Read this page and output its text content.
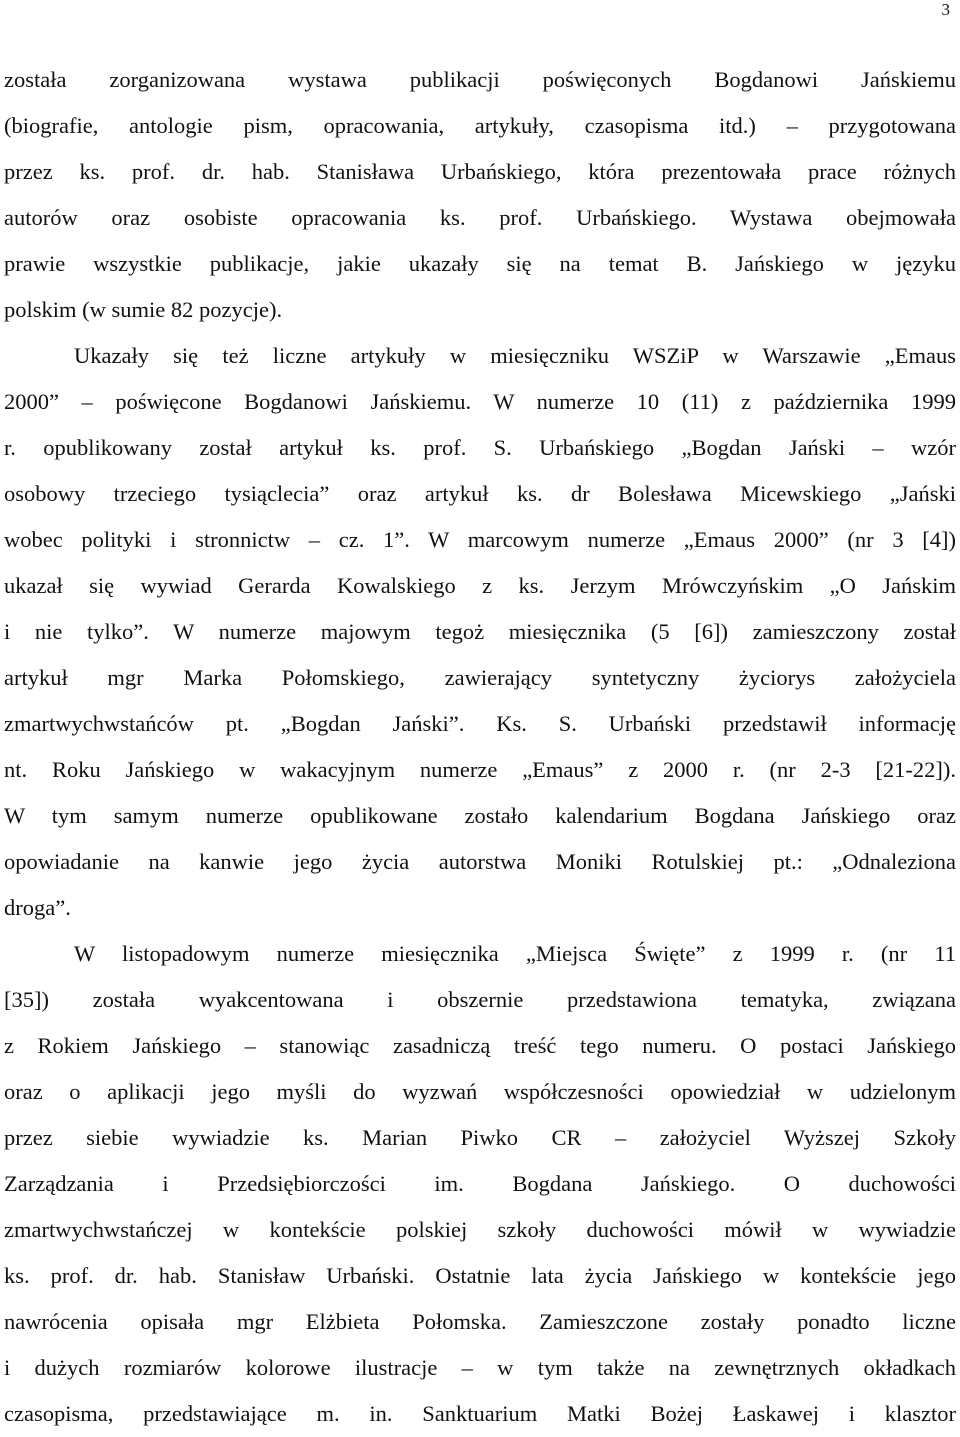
3
została zorganizowana wystawa publikacji poświęconych Bogdanowi Jańskiemu
(biografie, antologie pism, opracowania, artykuły, czasopisma itd.) – przygotowana
przez ks. prof. dr. hab. Stanisława Urbańskiego, która prezentowała prace różnych
autorów oraz osobiste opracowania ks. prof. Urbańskiego. Wystawa obejmowała
prawie wszystkie publikacje, jakie ukazały się na temat B. Jańskiego w języku
polskim (w sumie 82 pozycje).
Ukazały się też liczne artykuły w miesięczniku WSZiP w Warszawie „Emaus
2000” – poświęcone Bogdanowi Jańskiemu. W numerze 10 (11) z października 1999
r. opublikowany został artykuł ks. prof. S. Urbańskiego „Bogdan Jański – wzór
osobowy trzeciego tysiąclecia” oraz artykuł ks. dr Bolesława Micewskiego „Jański
wobec polityki i stronnictw – cz. 1”. W marcowym numerze „Emaus 2000” (nr 3 [4])
ukazał się wywiad Gerarda Kowalskiego z ks. Jerzym Mrówczyńskim „O Jańskim
i nie tylko”. W numerze majowym tegoż miesięcznika (5 [6]) zamieszczony został
artykuł mgr Marka Połomskiego, zawierający syntetyczny życiorys założyciela
zmartwychwstańców pt. „Bogdan Jański”. Ks. S. Urbański przedstawił informację
nt. Roku Jańskiego w wakacyjnym numerze „Emaus” z 2000 r. (nr 2-3 [21-22]).
W tym samym numerze opublikowane zostało kalendarium Bogdana Jańskiego oraz
opowiadanie na kanwie jego życia autorstwa Moniki Rotulskiej pt.: „Odnaleziona
droga”.
W listopadowym numerze miesięcznika „Miejsca Święte” z 1999 r. (nr 11
[35]) została wyakcentowana i obszernie przedstawiona tematyka, związana
z Rokiem Jańskiego – stanowiąc zasadniczą treść tego numeru. O postaci Jańskiego
oraz o aplikacji jego myśli do wyzwań współczesności opowiedział w udzielonym
przez siebie wywiadzie ks. Marian Piwko CR – założyciel Wyższej Szkoły
Zarządzania i Przedsiębiorczości im. Bogdana Jańskiego. O duchowości
zmartwychwstańczej w kontekście polskiej szkoły duchowości mówił w wywiadzie
ks. prof. dr. hab. Stanisław Urbański. Ostatnie lata życia Jańskiego w kontekście jego
nawrócenia opisała mgr Elżbieta Połomska. Zamieszczone zostały ponadto liczne
i dużych rozmiarów kolorowe ilustracje – w tym także na zewnętrznych okładkach
czasopisma, przedstawiające m. in. Sanktuarium Matki Bożej Łaskawej i klasztor
